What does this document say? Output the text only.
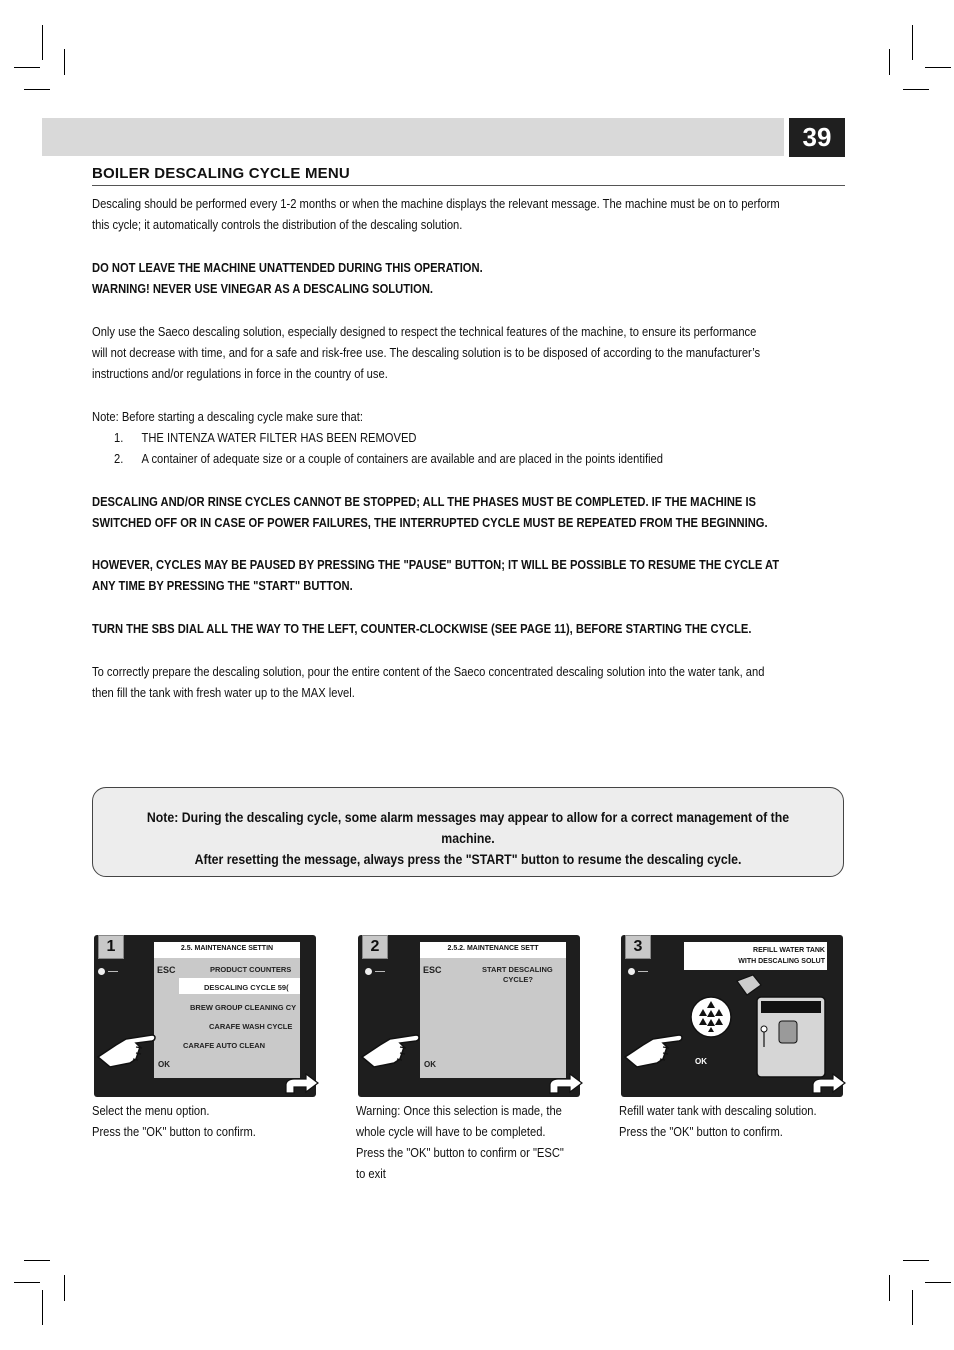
39
BOILER DESCALING CYCLE MENU
Descaling should be performed every 1-2 months or when the machine displays the relevant message. The machine must be on to perform
this cycle; it automatically controls the distribution of the descaling solution.
DO NOT LEAVE THE MACHINE UNATTENDED DURING THIS OPERATION.
WARNING! NEVER USE VINEGAR AS A DESCALING SOLUTION.
Only use the Saeco descaling solution, especially designed to respect the technical features of the machine, to ensure its performance
will not decrease with time, and for a safe and risk-free use. The descaling solution is to be disposed of according to the manufacturer’s
instructions and/or regulations in force in the country of use.
Note: Before starting a descaling cycle make sure that:
1. THE INTENZA WATER FILTER HAS BEEN REMOVED
2. A container of adequate size or a couple of containers are available and are placed in the points identified
DESCALING AND/OR RINSE CYCLES CANNOT BE STOPPED; ALL THE PHASES MUST BE COMPLETED. IF THE MACHINE IS
SWITCHED OFF OR IN CASE OF POWER FAILURES, THE INTERRUPTED CYCLE MUST BE REPEATED FROM THE BEGINNING.
HOWEVER, CYCLES MAY BE PAUSED BY PRESSING THE "PAUSE" BUTTON; IT WILL BE POSSIBLE TO RESUME THE CYCLE AT
ANY TIME BY PRESSING THE "START" BUTTON.
TURN THE SBS DIAL ALL THE WAY TO THE LEFT, COUNTER-CLOCKWISE (SEE PAGE 11), BEFORE STARTING THE CYCLE.
To correctly prepare the descaling solution, pour the entire content of the Saeco concentrated descaling solution into the water tank, and
then fill the tank with fresh water up to the MAX level.
Note: During the descaling cycle, some alarm messages may appear to allow for a correct management of the machine.
After resetting the message, always press the "START" button to resume the descaling cycle.
1	2.5. MAINTENANCE SETTIN
ESC	PRODUCT COUNTERS
DESCALING CYCLE 59(
BREW GROUP CLEANING CY
CARAFE WASH CYCLE
CARAFE AUTO CLEAN
OK
Select the menu option.
Press the "OK" button to confirm.
2	2.5.2. MAINTENANCE SETT
ESC	START DESCALING
CYCLE?
OK
Warning: Once this selection is made, the
whole cycle will have to be completed.
Press the "OK" button to confirm or "ESC"
to exit
3	REFILL WATER TANK
WITH DESCALING SOLUT
OK
Refill water tank with descaling solution.
Press the "OK" button to confirm.
